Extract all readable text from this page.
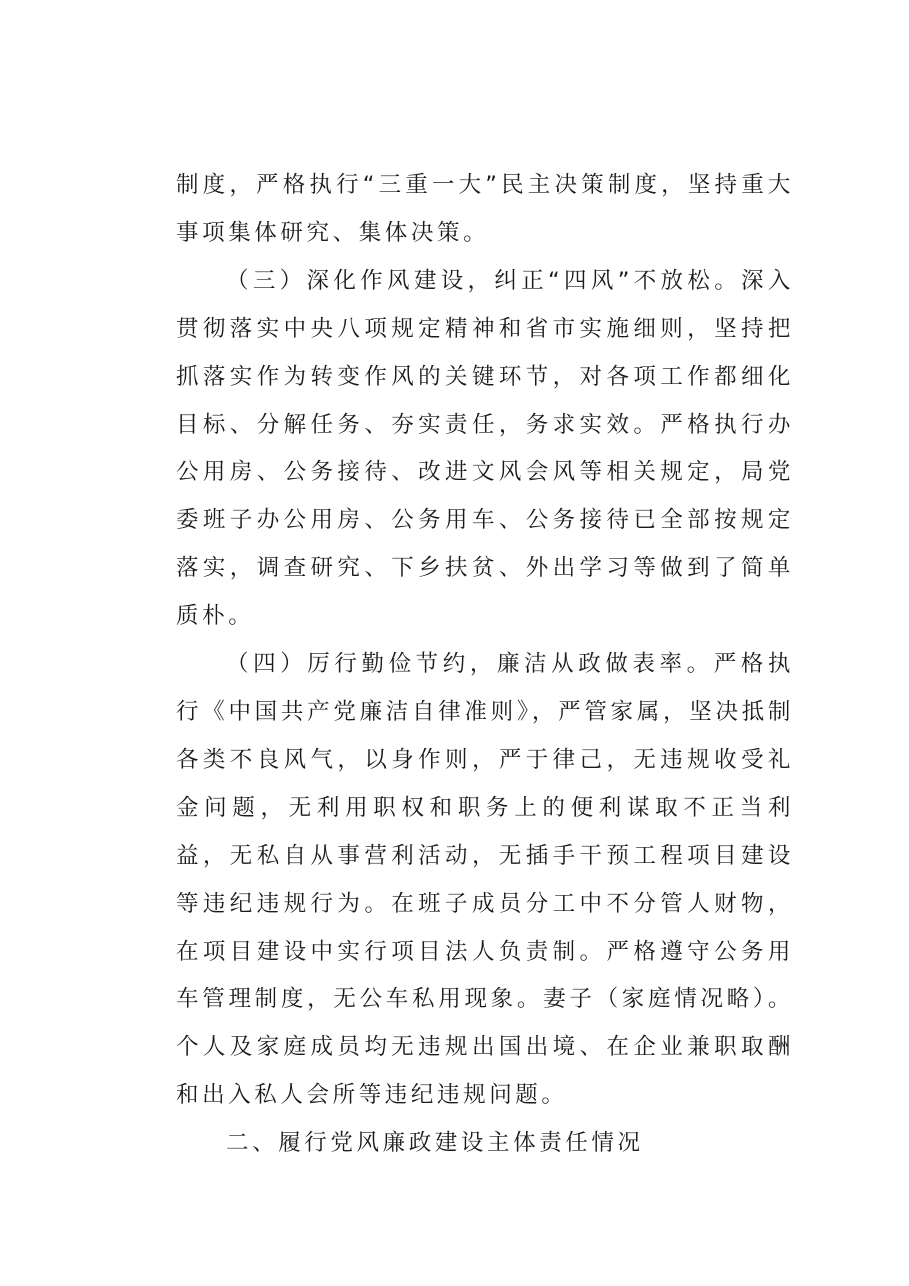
制度，严格执行“三重一大”民主决策制度，坚持重大事项集体研究、集体决策。

（三）深化作风建设，纠正“四风”不放松。深入贯彻落实中央八项规定精神和省市实施细则，坚持把抓落实作为转变作风的关键环节，对各项工作都细化目标、分解任务、夯实责任，务求实效。严格执行办公用房、公务接待、改进文风会风等相关规定，局党委班子办公用房、公务用车、公务接待已全部按规定落实，调查研究、下乡扶贫、外出学习等做到了简单质朴。

（四）厉行勤俭节约，廉洁从政做表率。严格执行《中国共产党廉洁自律准则》，严管家属，坚决抵制各类不良风气，以身作则，严于律己，无违规收受礼金问题，无利用职权和职务上的便利谋取不正当利益，无私自从事营利活动，无插手干预工程项目建设等违纪违规行为。在班子成员分工中不分管人财物，在项目建设中实行项目法人负责制。严格遵守公务用车管理制度，无公车私用现象。妻子（家庭情况略）。个人及家庭成员均无违规出国出境、在企业兼职取酬和出入私人会所等违纪违规问题。

二、履行党风廉政建设主体责任情况
